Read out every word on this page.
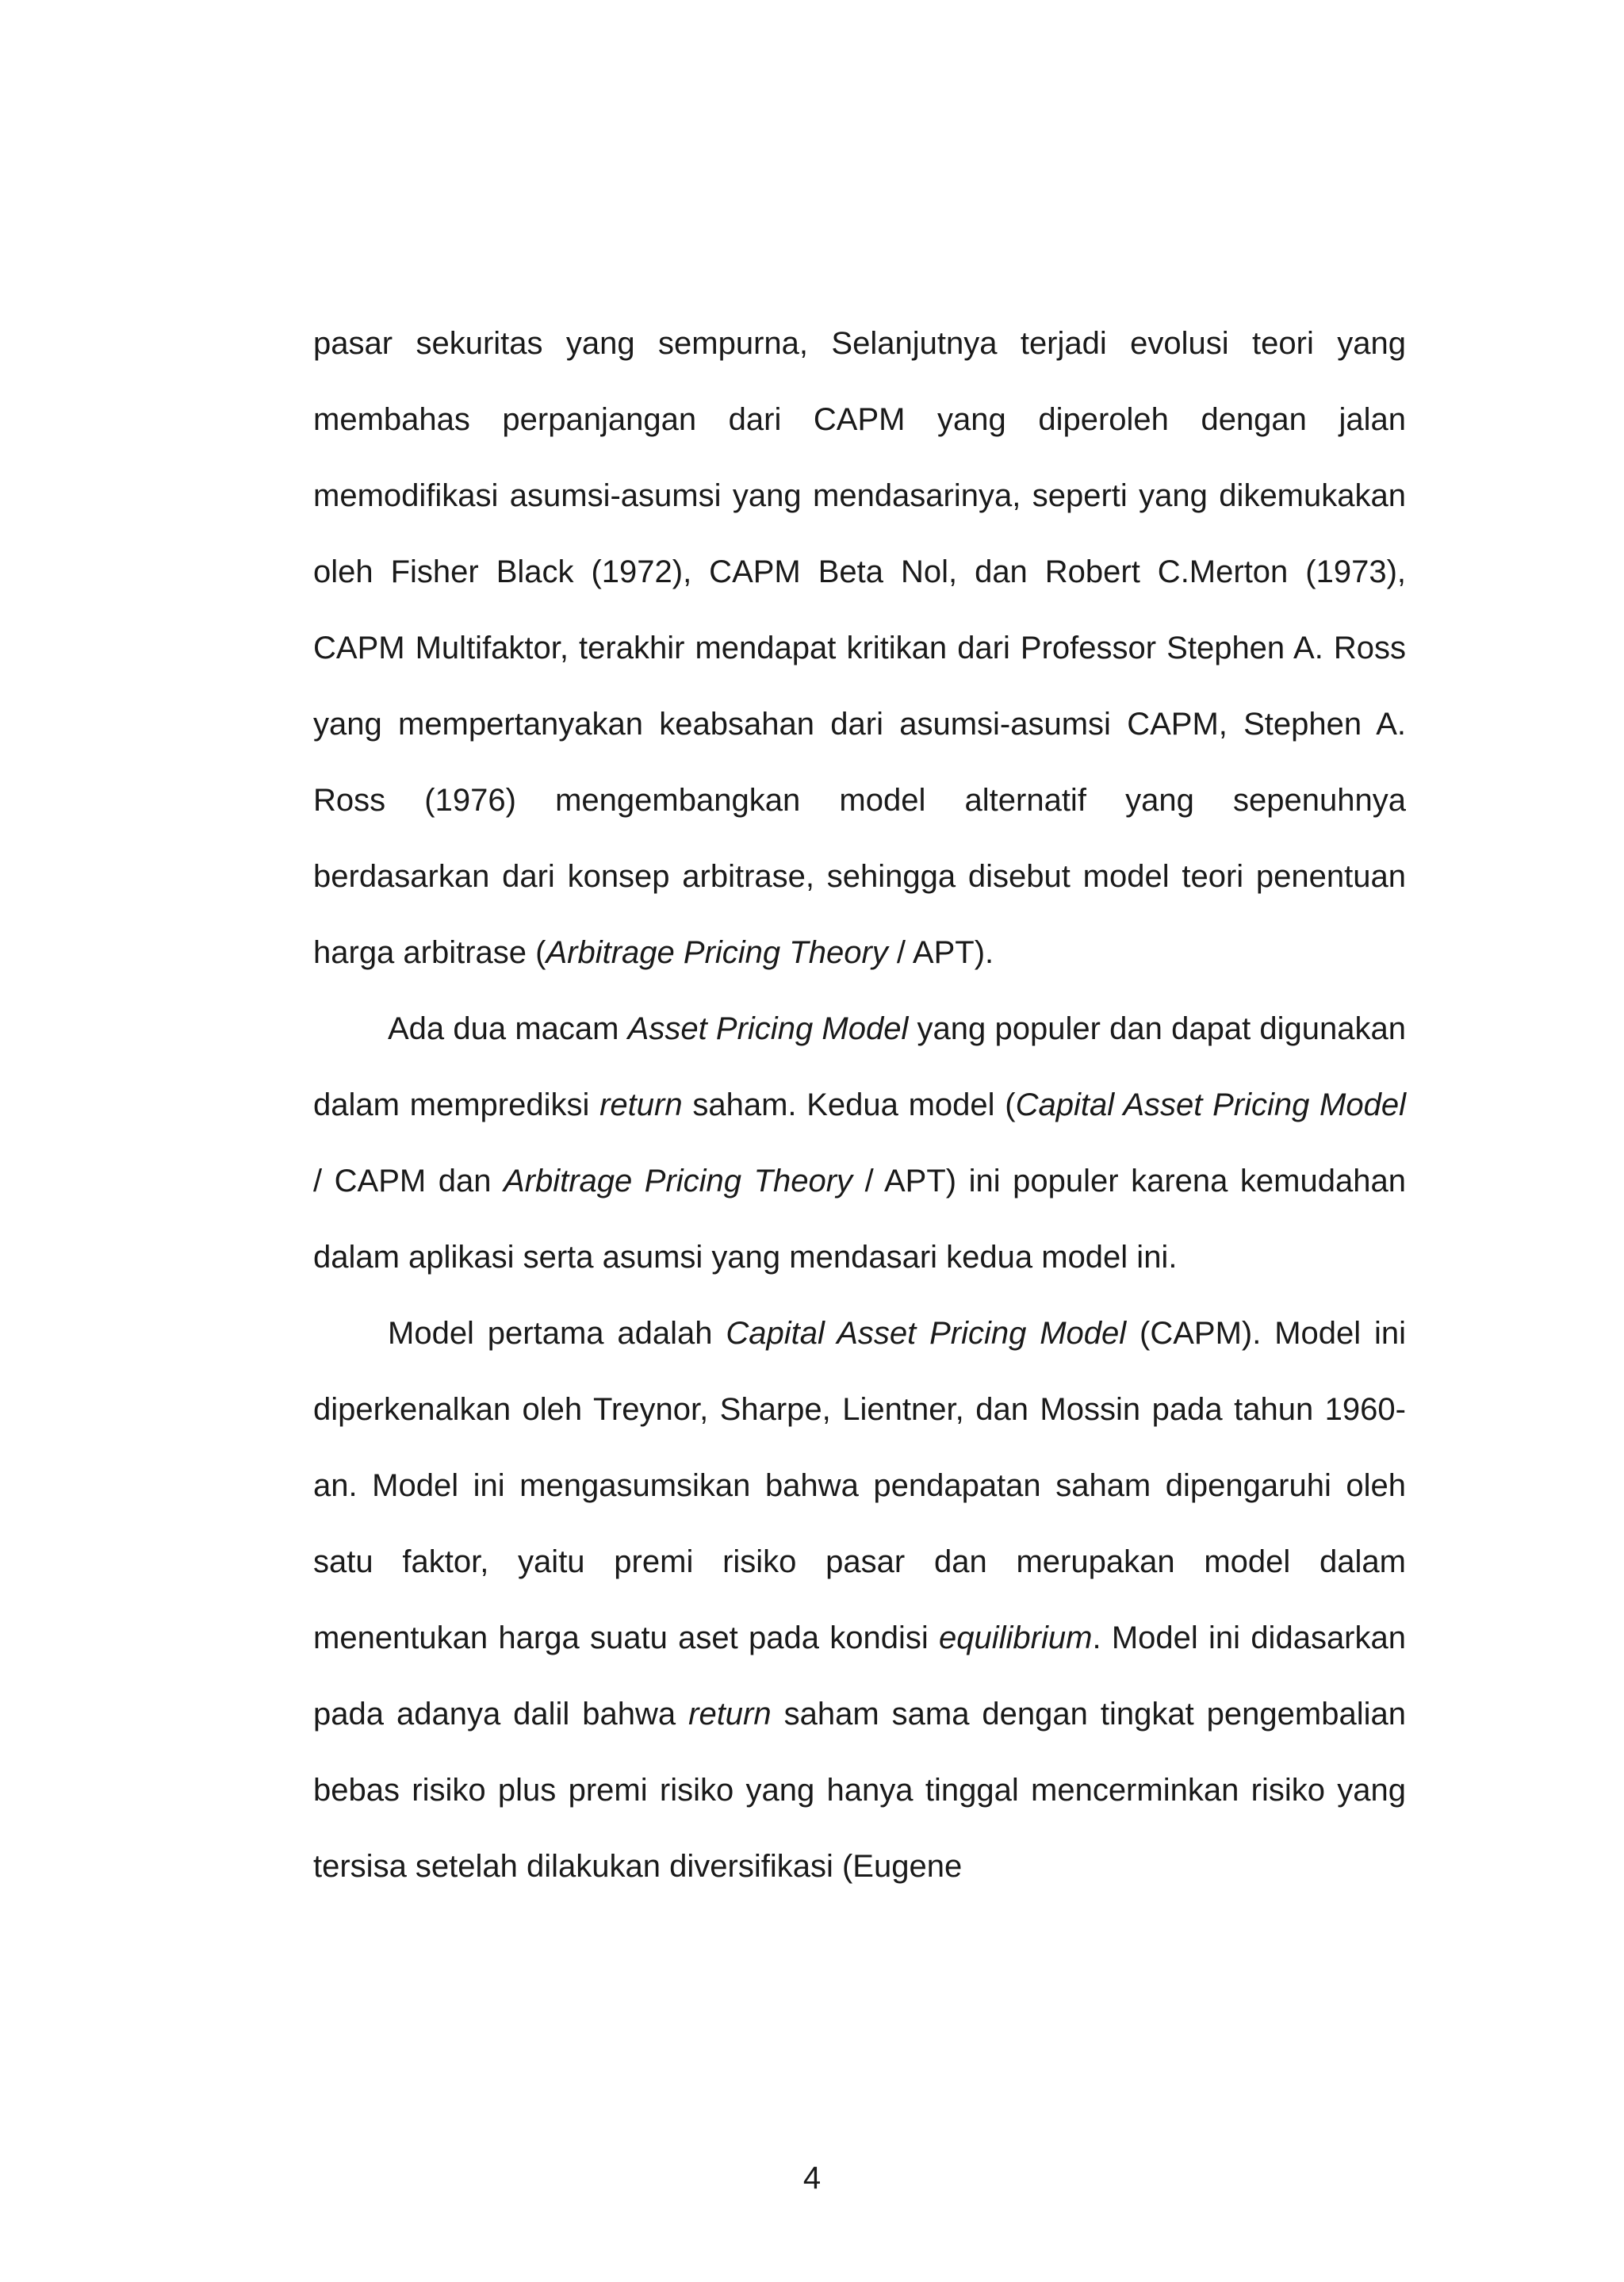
pasar sekuritas yang sempurna, Selanjutnya terjadi evolusi teori yang membahas perpanjangan dari CAPM yang diperoleh dengan jalan memodifikasi asumsi-asumsi yang mendasarinya, seperti yang dikemukakan oleh Fisher Black (1972), CAPM Beta Nol, dan Robert C.Merton (1973), CAPM Multifaktor, terakhir mendapat kritikan dari Professor Stephen A. Ross yang mempertanyakan keabsahan dari asumsi-asumsi CAPM, Stephen A. Ross (1976) mengembangkan model alternatif yang sepenuhnya berdasarkan dari konsep arbitrase, sehingga disebut model teori penentuan harga arbitrase (Arbitrage Pricing Theory / APT).

Ada dua macam Asset Pricing Model yang populer dan dapat digunakan dalam memprediksi return saham. Kedua model (Capital Asset Pricing Model / CAPM dan Arbitrage Pricing Theory / APT) ini populer karena kemudahan dalam aplikasi serta asumsi yang mendasari kedua model ini.

Model pertama adalah Capital Asset Pricing Model (CAPM). Model ini diperkenalkan oleh Treynor, Sharpe, Lientner, dan Mossin pada tahun 1960-an. Model ini mengasumsikan bahwa pendapatan saham dipengaruhi oleh satu faktor, yaitu premi risiko pasar dan merupakan model dalam menentukan harga suatu aset pada kondisi equilibrium. Model ini didasarkan pada adanya dalil bahwa return saham sama dengan tingkat pengembalian bebas risiko plus premi risiko yang hanya tinggal mencerminkan risiko yang tersisa setelah dilakukan diversifikasi (Eugene

4
